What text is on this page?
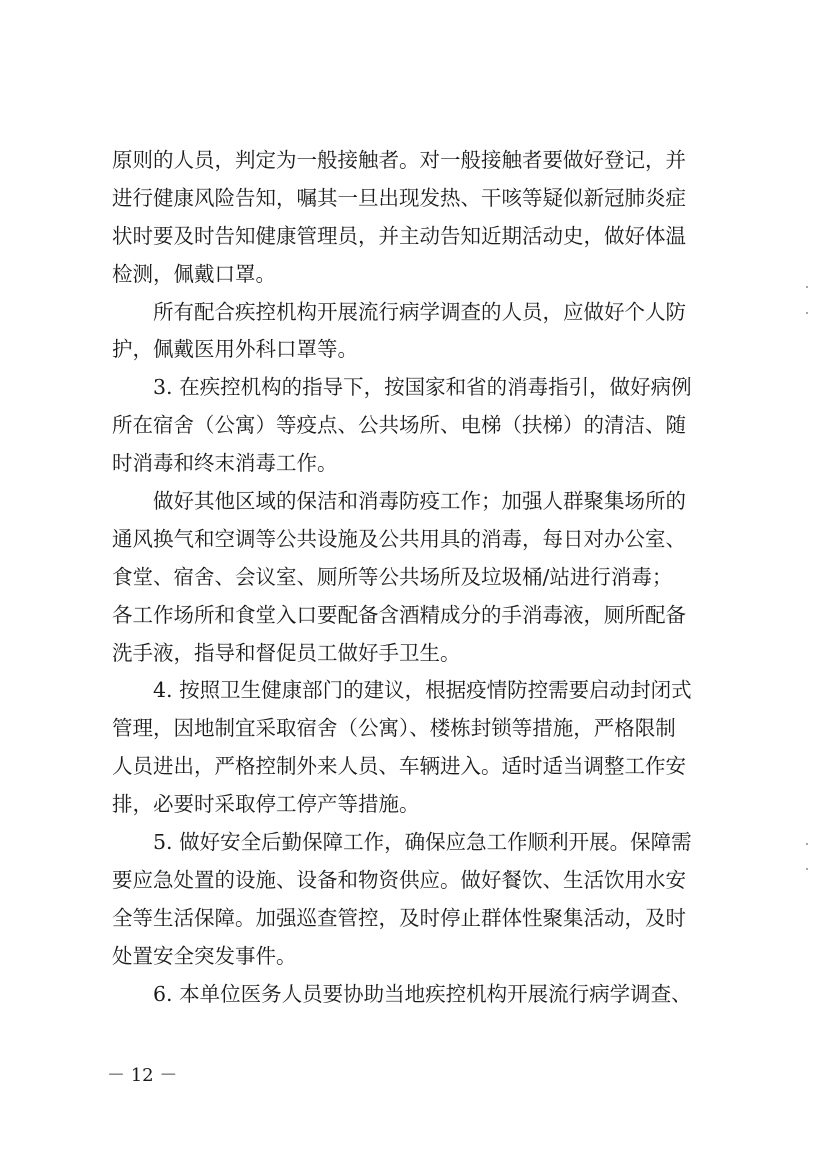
原则的人员，判定为一般接触者。对一般接触者要做好登记，并
进行健康风险告知，嘱其一旦出现发热、干咳等疑似新冠肺炎症
状时要及时告知健康管理员，并主动告知近期活动史，做好体温
检测，佩戴口罩。
所有配合疾控机构开展流行病学调查的人员，应做好个人防
护，佩戴医用外科口罩等。
3. 在疾控机构的指导下，按国家和省的消毒指引，做好病例
所在宿舍（公寓）等疫点、公共场所、电梯（扶梯）的清洁、随
时消毒和终末消毒工作。
做好其他区域的保洁和消毒防疫工作；加强人群聚集场所的
通风换气和空调等公共设施及公共用具的消毒，每日对办公室、
食堂、宿舍、会议室、厕所等公共场所及垃圾桶/站进行消毒；
各工作场所和食堂入口要配备含酒精成分的手消毒液，厕所配备
洗手液，指导和督促员工做好手卫生。
4. 按照卫生健康部门的建议，根据疫情防控需要启动封闭式
管理，因地制宜采取宿舍（公寓）、楼栋封锁等措施，严格限制
人员进出，严格控制外来人员、车辆进入。适时适当调整工作安
排，必要时采取停工停产等措施。
5. 做好安全后勤保障工作，确保应急工作顺利开展。保障需
要应急处置的设施、设备和物资供应。做好餐饮、生活饮用水安
全等生活保障。加强巡查管控，及时停止群体性聚集活动，及时
处置安全突发事件。
6. 本单位医务人员要协助当地疾控机构开展流行病学调查、
－ 12 －
